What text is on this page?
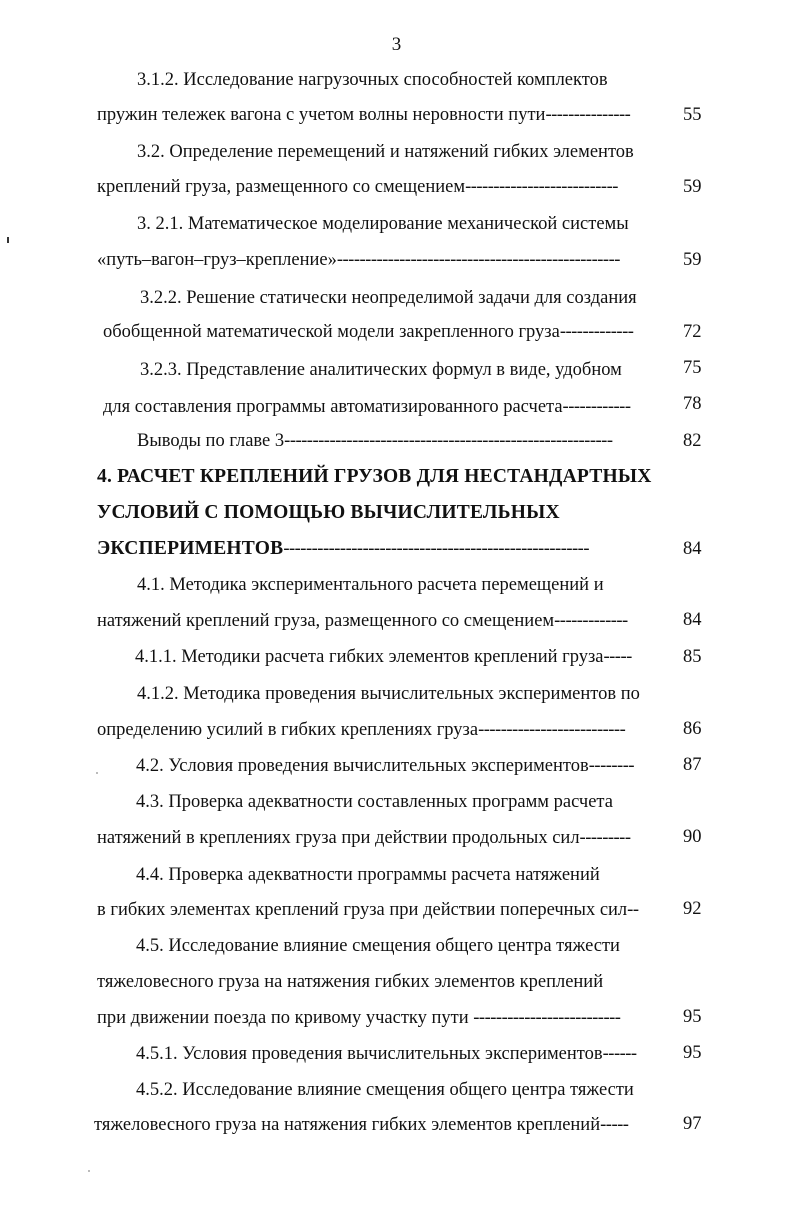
3
3.1.2. Исследование нагрузочных способностей комплектов
пружин тележек вагона с учетом волны неровности пути---------------	55
3.2. Определение перемещений и натяжений гибких элементов
креплений груза, размещенного со смещением---------------------------	59
3. 2.1. Математическое моделирование механической системы
«путь–вагон–груз–крепление»--------------------------------------------------	59
3.2.2. Решение статически неопределимой задачи для создания
обобщенной математической модели закрепленного груза-------------	72
3.2.3. Представление аналитических формул в виде, удобном	75
для составления программы автоматизированного расчета------------	78
Выводы по главе 3----------------------------------------------------------	82
4. РАСЧЕТ КРЕПЛЕНИЙ ГРУЗОВ ДЛЯ НЕСТАНДАРТНЫХ
УСЛОВИЙ С ПОМОЩЬЮ ВЫЧИСЛИТЕЛЬНЫХ
ЭКСПЕРИМЕНТОВ------------------------------------------------------	84
4.1. Методика экспериментального расчета перемещений и
натяжений креплений груза, размещенного со смещением-------------	84
4.1.1. Методики расчета гибких элементов креплений груза-----	85
4.1.2. Методика проведения вычислительных экспериментов по
определению усилий в гибких креплениях груза--------------------------	86
4.2. Условия проведения вычислительных экспериментов--------	87
4.3. Проверка адекватности составленных программ расчета
натяжений в креплениях груза при действии продольных сил---------	90
4.4. Проверка адекватности программы расчета натяжений
в гибких элементах креплений груза при действии поперечных сил--	92
4.5. Исследование влияние смещения общего центра тяжести
тяжеловесного груза на натяжения гибких элементов креплений
при движении поезда по кривому участку пути --------------------------	95
4.5.1. Условия проведения вычислительных экспериментов------	95
4.5.2. Исследование влияние смещения общего центра тяжести
тяжеловесного груза на натяжения гибких элементов креплений-----	97
